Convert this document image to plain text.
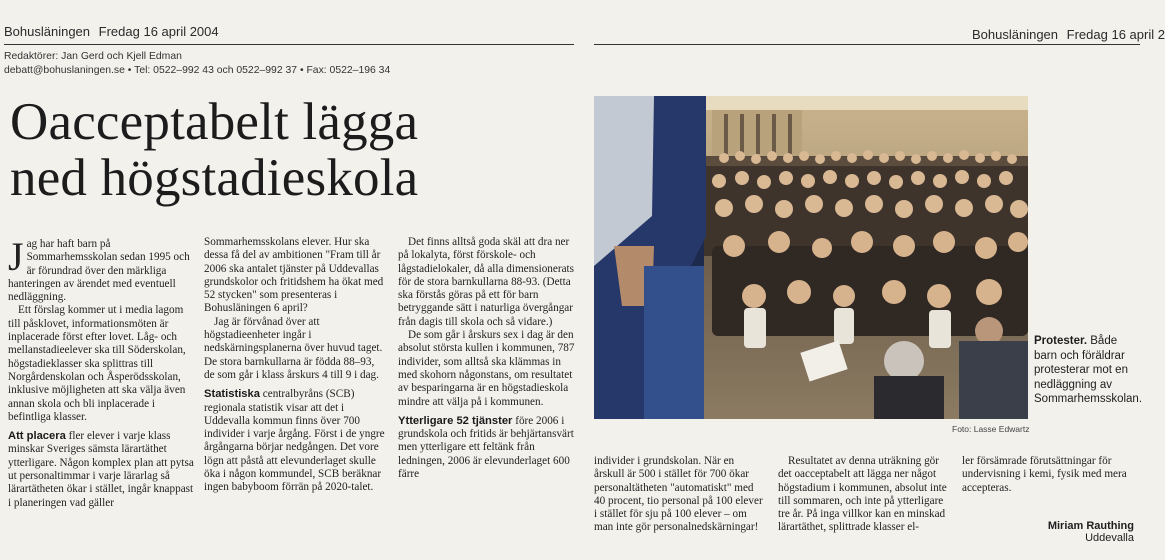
Bohusläningen Fredag 16 april 2004
Redaktörer: Jan Gerd och Kjell Edman
debatt@bohuslaningen.se • Tel: 0522–992 43 och 0522–992 37 • Fax: 0522–196 34
Oacceptabelt lägga
ned högstadieskola

Jag har haft barn på Sommarhemsskolan sedan 1995 och är förundrad över den märkliga hanteringen av ärendet med eventuell nedläggning.

Ett förslag kommer ut i media lagom till påsklovet, informationsmöten är inplacerade först efter lovet. Låg- och mellanstadieelever ska till Söderskolan, högstadieklasser ska splittras till Norgårdenskolan och Åsperödsskolan, inklusive möjligheten att ska välja även annan skola och bli inplacerade i befintliga klasser.

Att placera fler elever i varje klass minskar Sveriges sämsta lärartäthet ytterligare. Någon komplex plan att pytsa ut personaltimmar i varje lärarlag så lärartätheten ökar i stället, ingår knappast i planeringen vad gäller

Sommarhemsskolans elever. Hur ska dessa få del av ambitionen "Fram till år 2006 ska antalet tjänster på Uddevallas grundskolor och fritidshem ha ökat med 52 stycken" som presenteras i Bohusläningen 6 april?

Jag är förvånad över att högstadieenheter ingår i nedskärningsplanerna över huvud taget. De stora barnkullarna är födda 88–93, de som går i klass årskurs 4 till 9 i dag.

Statistiska centralbyråns (SCB) regionala statistik visar att det i Uddevalla kommun finns över 700 individer i varje årgång. Först i de yngre årgångarna börjar nedgången. Det vore lögn att påstå att elevunderlaget skulle öka i någon kommundel, SCB beräknar ingen babyboom förrän på 2020-talet.

Det finns alltså goda skäl att dra ner på lokalyta, först förskole- och lågstadielokaler, då alla dimensionerats för de stora barnkullarna 88-93. (Detta ska förstås göras på ett för barn betryggande sätt i naturliga övergångar från dagis till skola och så vidare.)

De som går i årskurs sex i dag är den absolut största kullen i kommunen, 787 individer, som alltså ska klämmas in med skohorn någonstans, om resultatet av besparingarna är en högstadieskola mindre att välja på i kommunen.

Ytterligare 52 tjänster före 2006 i grundskola och fritids är behjärtansvärt men ytterligare ett feltänk från ledningen, 2006 är elevunderlaget 600 färre

Bohusläningen Fredag 16 april 2
Foto: Lasse Edwartz
Protester. Både barn och föräldrar protesterar mot en nedläggning av Sommarhemsskolan.

individer i grundskolan. När en årskull är 500 i stället för 700 ökar personaltätheten "automatiskt" med 40 procent, tio personal på 100 elever i stället för sju på 100 elever – om man inte gör personalnedskärningar!

Resultatet av denna uträkning gör det oacceptabelt att lägga ner något högstadium i kommunen, absolut inte till sommaren, och inte på ytterligare tre år. På inga villkor kan en minskad lärartäthet, splittrade klasser el-

ler försämrade förutsättningar för undervisning i kemi, fysik med mera accepteras.

Miriam Rauthing
Uddevalla
